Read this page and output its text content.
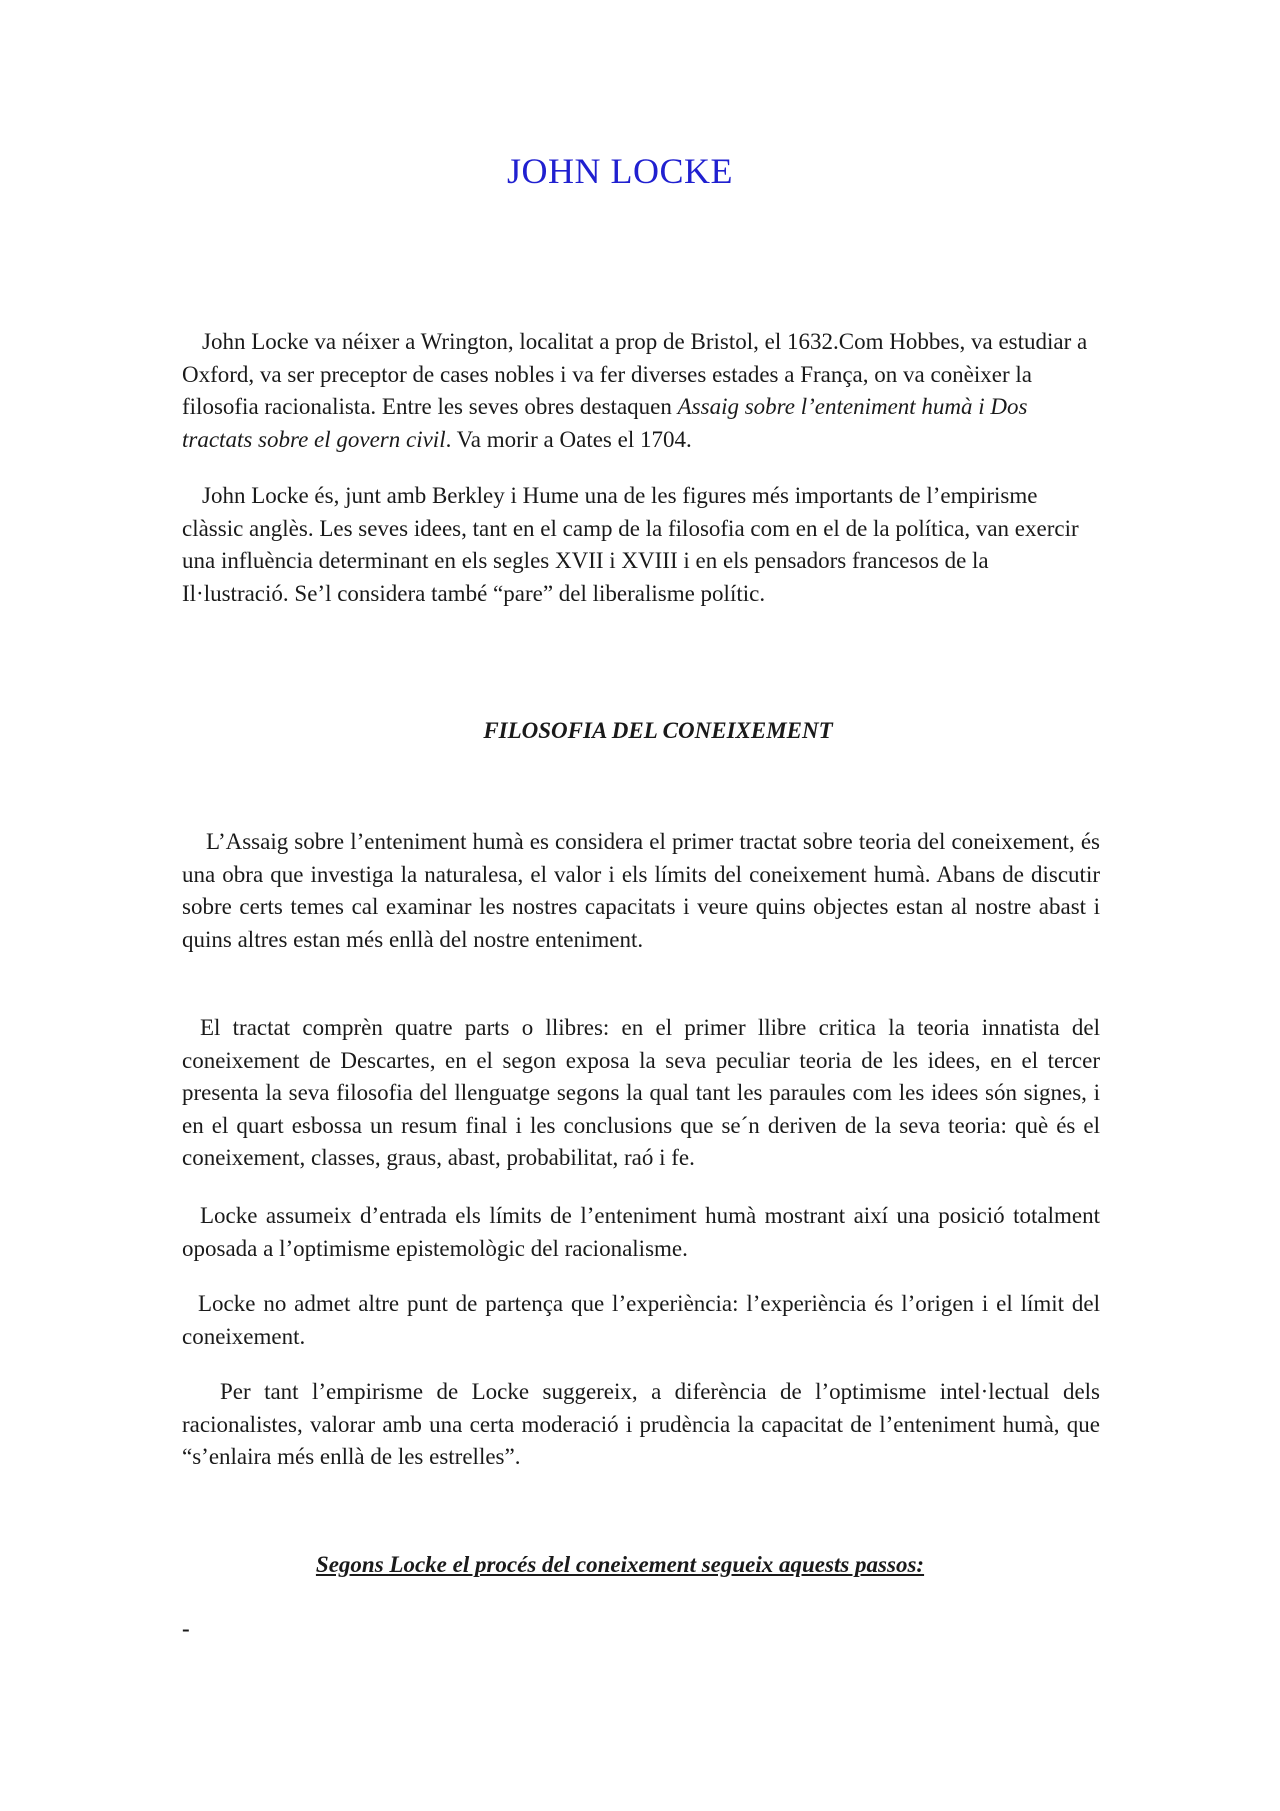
JOHN LOCKE

John Locke va néixer a Wrington, localitat a prop de Bristol, el 1632.Com Hobbes, va estudiar a Oxford, va ser preceptor de cases nobles i va fer diverses estades a França, on va conèixer la filosofia racionalista. Entre les seves obres destaquen Assaig sobre l’enteniment humà i Dos tractats sobre el govern civil. Va morir a Oates el 1704.

John Locke és, junt amb Berkley i Hume una de les figures més importants de l’empirisme clàssic anglès. Les seves idees, tant en el camp de la filosofia com en el de la política, van exercir una influència determinant en els segles XVII i XVIII i en els pensadors francesos de la Il·lustració. Se’l considera també “pare” del liberalisme polític.

FILOSOFIA DEL CONEIXEMENT

L’Assaig sobre l’enteniment humà es considera el primer tractat sobre teoria del coneixement, és una obra que investiga la naturalesa, el valor i els límits del coneixement humà. Abans de discutir sobre certs temes cal examinar les nostres capacitats i veure quins objectes estan al nostre abast i quins altres estan més enllà del nostre enteniment.

El tractat comprèn quatre parts o llibres: en el primer llibre critica la teoria innatista del coneixement de Descartes, en el segon exposa la seva peculiar teoria de les idees, en el tercer presenta la seva filosofia del llenguatge segons la qual tant les paraules com les idees són signes, i en el quart esbossa un resum final i les conclusions que se´n deriven de la seva teoria: què és el coneixement, classes, graus, abast, probabilitat, raó i fe.

Locke assumeix d’entrada els límits de l’enteniment humà mostrant així una posició totalment oposada a l’optimisme epistemològic del racionalisme.

Locke no admet altre punt de partença que l’experiència: l’experiència és l’origen i el límit del coneixement.

Per tant l’empirisme de Locke suggereix, a diferència de l’optimisme intel·lectual dels racionalistes, valorar amb una certa moderació i prudència la capacitat de l’enteniment humà, que “s’enlaira més enllà de les estrelles”.

Segons Locke el procés del coneixement segueix aquests passos:

-
